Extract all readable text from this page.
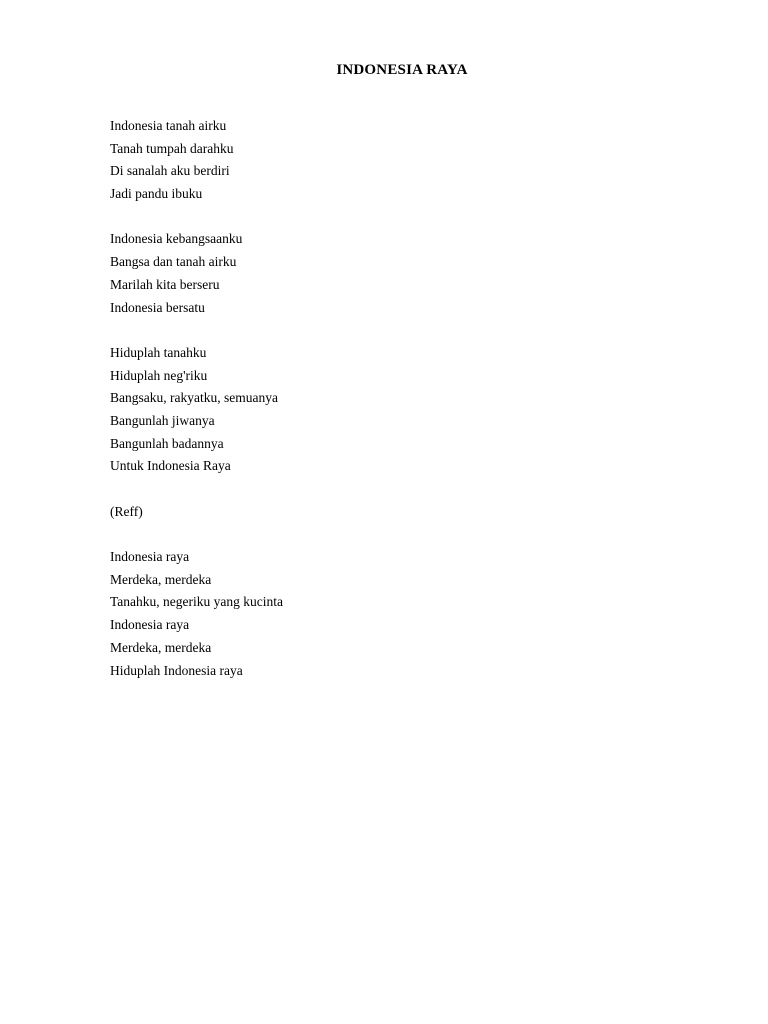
INDONESIA RAYA
Indonesia tanah airku
Tanah tumpah darahku
Di sanalah aku berdiri
Jadi pandu ibuku
Indonesia kebangsaanku
Bangsa dan tanah airku
Marilah kita berseru
Indonesia bersatu
Hiduplah tanahku
Hiduplah neg'riku
Bangsaku, rakyatku, semuanya
Bangunlah jiwanya
Bangunlah badannya
Untuk Indonesia Raya
(Reff)
Indonesia raya
Merdeka, merdeka
Tanahku, negeriku yang kucinta
Indonesia raya
Merdeka, merdeka
Hiduplah Indonesia raya
